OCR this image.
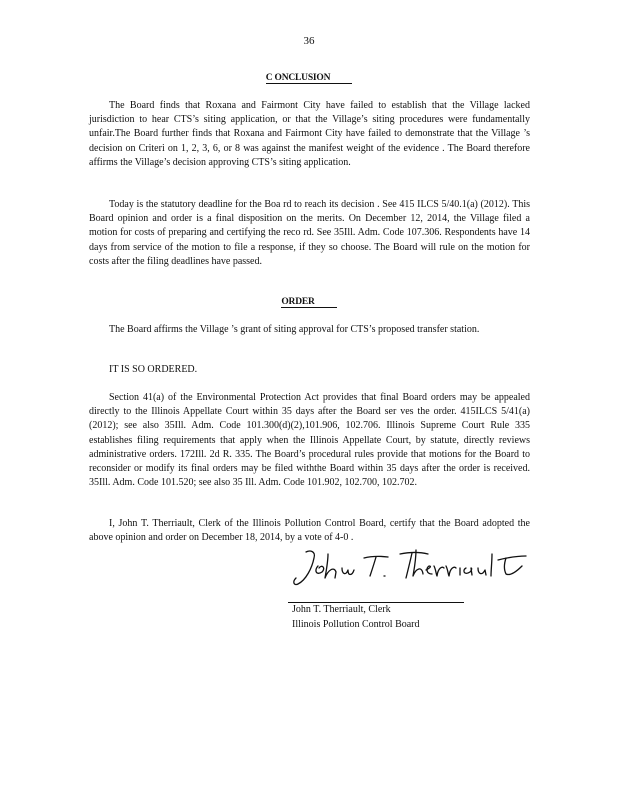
36
C ONCLUSION

The Board finds that Roxana and Fairmont City have failed to establish that the Village lacked jurisdiction to hear CTS’s siting application, or that the Village’s siting procedures were fundamentally unfair.The Board further finds that Roxana and Fairmont City have failed to demonstrate that the Village ’s decision on Criteri on 1, 2, 3, 6, or 8 was against the manifest weight of the evidence . The Board therefore affirms the Village’s decision approving CTS’s siting application.

Today is the statutory deadline for the Boa rd to reach its decision . See 415 ILCS 5/40.1(a) (2012). This Board opinion and order is a final disposition on the merits. On December 12, 2014, the Village filed a motion for costs of preparing and certifying the reco rd. See 35Ill. Adm. Code 107.306. Respondents have 14 days from service of the motion to file a response, if they so choose. The Board will rule on the motion for costs after the filing deadlines have passed.

ORDER

The Board affirms the Village ’s grant of siting approval for CTS’s proposed transfer station.

IT IS SO ORDERED.

Section 41(a) of the Environmental Protection Act provides that final Board orders may be appealed directly to the Illinois Appellate Court within 35 days after the Board ser ves the order. 415ILCS 5/41(a) (2012); see also 35Ill. Adm. Code 101.300(d)(2),101.906, 102.706. Illinois Supreme Court Rule 335 establishes filing requirements that apply when the Illinois Appellate Court, by statute, directly reviews administrative orders. 172Ill. 2d R. 335. The Board’s procedural rules provide that motions for the Board to reconsider or modify its final orders may be filed withthe Board within 35 days after the order is received. 35Ill. Adm. Code 101.520; see also 35 Ill. Adm. Code 101.902, 102.700, 102.702.

I, John T. Therriault, Clerk of the Illinois Pollution Control Board, certify that the Board adopted the above opinion and order on December 18, 2014, by a vote of 4-0 .

John T. Therriault, Clerk

Illinois Pollution Control Board
